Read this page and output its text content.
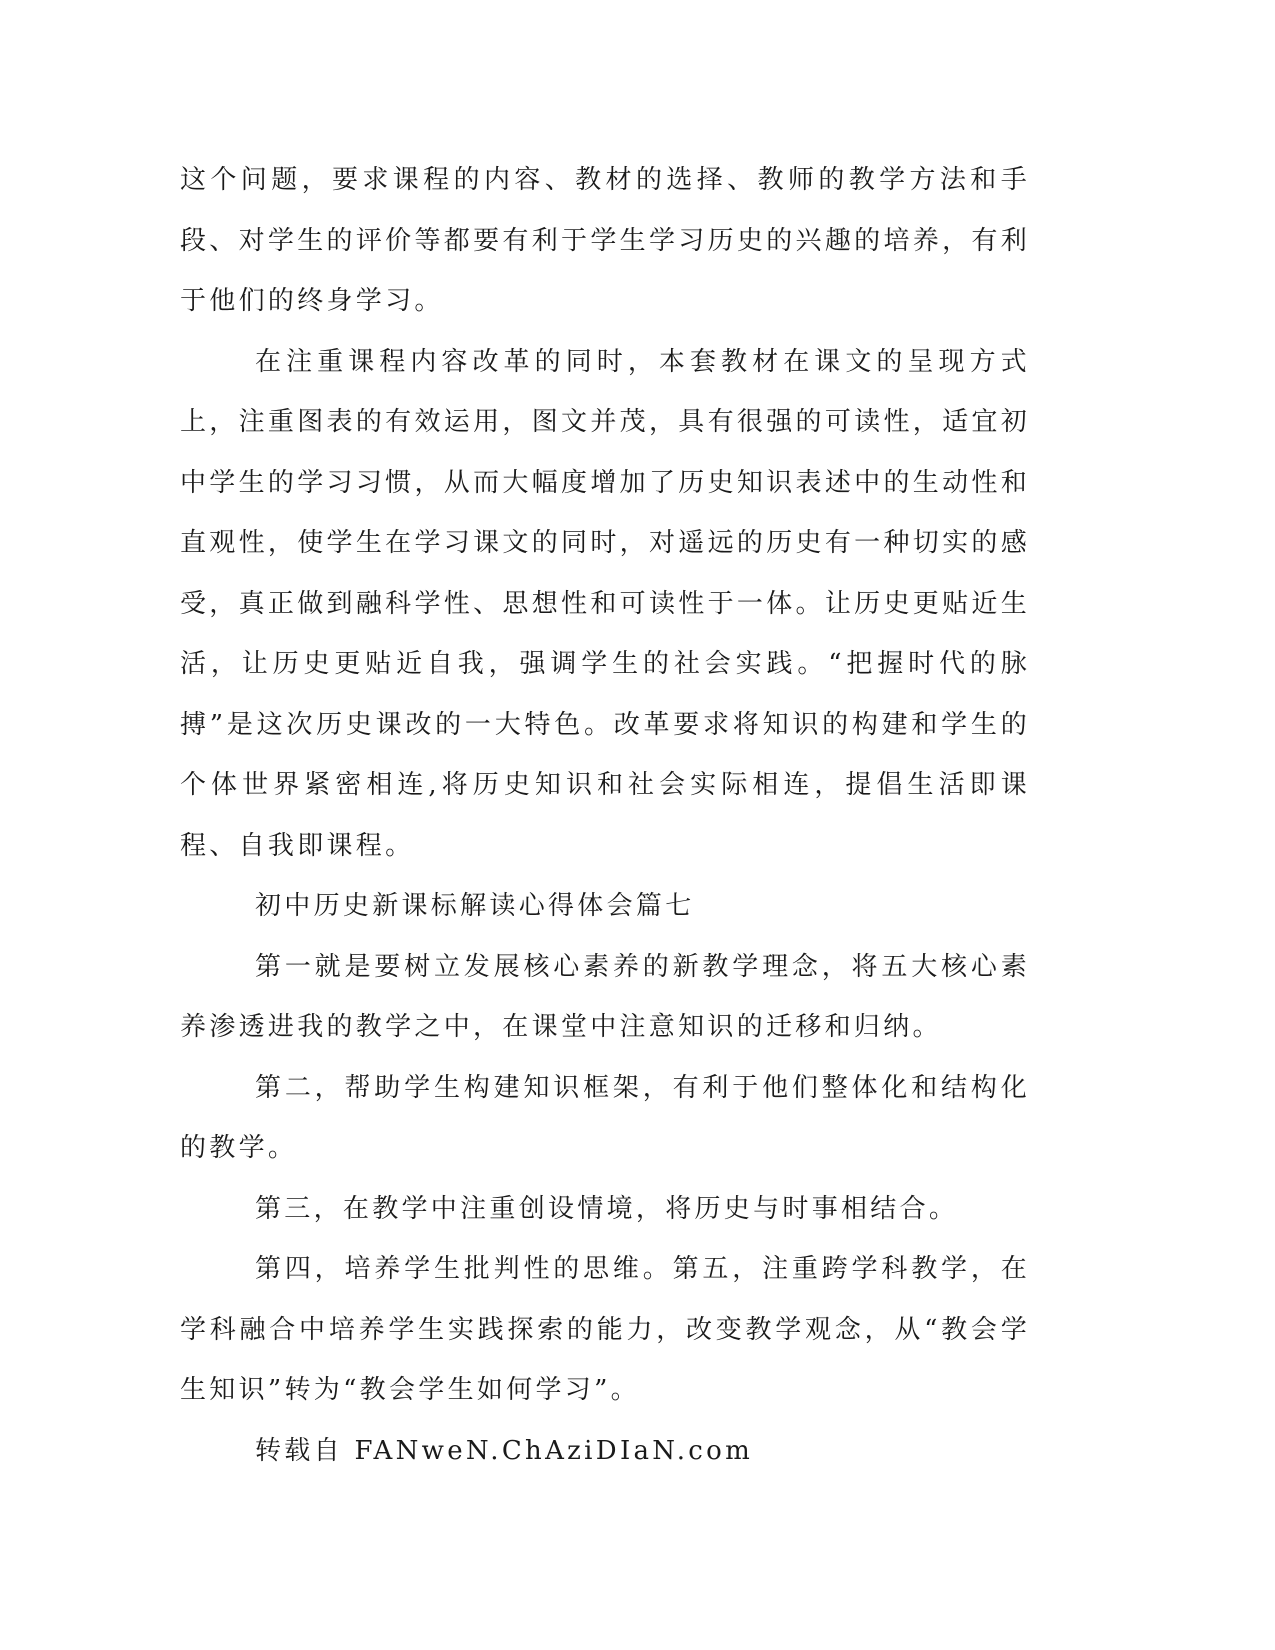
这个问题，要求课程的内容、教材的选择、教师的教学方法和手段、对学生的评价等都要有利于学生学习历史的兴趣的培养，有利于他们的终身学习。

在注重课程内容改革的同时，本套教材在课文的呈现方式上，注重图表的有效运用，图文并茂，具有很强的可读性，适宜初中学生的学习习惯，从而大幅度增加了历史知识表述中的生动性和直观性，使学生在学习课文的同时，对遥远的历史有一种切实的感受，真正做到融科学性、思想性和可读性于一体。让历史更贴近生活，让历史更贴近自我，强调学生的社会实践。“把握时代的脉搏”是这次历史课改的一大特色。改革要求将知识的构建和学生的个体世界紧密相连,将历史知识和社会实际相连，提倡生活即课程、自我即课程。

初中历史新课标解读心得体会篇七

第一就是要树立发展核心素养的新教学理念，将五大核心素养渗透进我的教学之中，在课堂中注意知识的迁移和归纳。

第二，帮助学生构建知识框架，有利于他们整体化和结构化的教学。

第三，在教学中注重创设情境，将历史与时事相结合。

第四，培养学生批判性的思维。第五，注重跨学科教学，在学科融合中培养学生实践探索的能力，改变教学观念，从“教会学生知识”转为“教会学生如何学习”。

转载自 FANweN.ChAziDIaN.com
